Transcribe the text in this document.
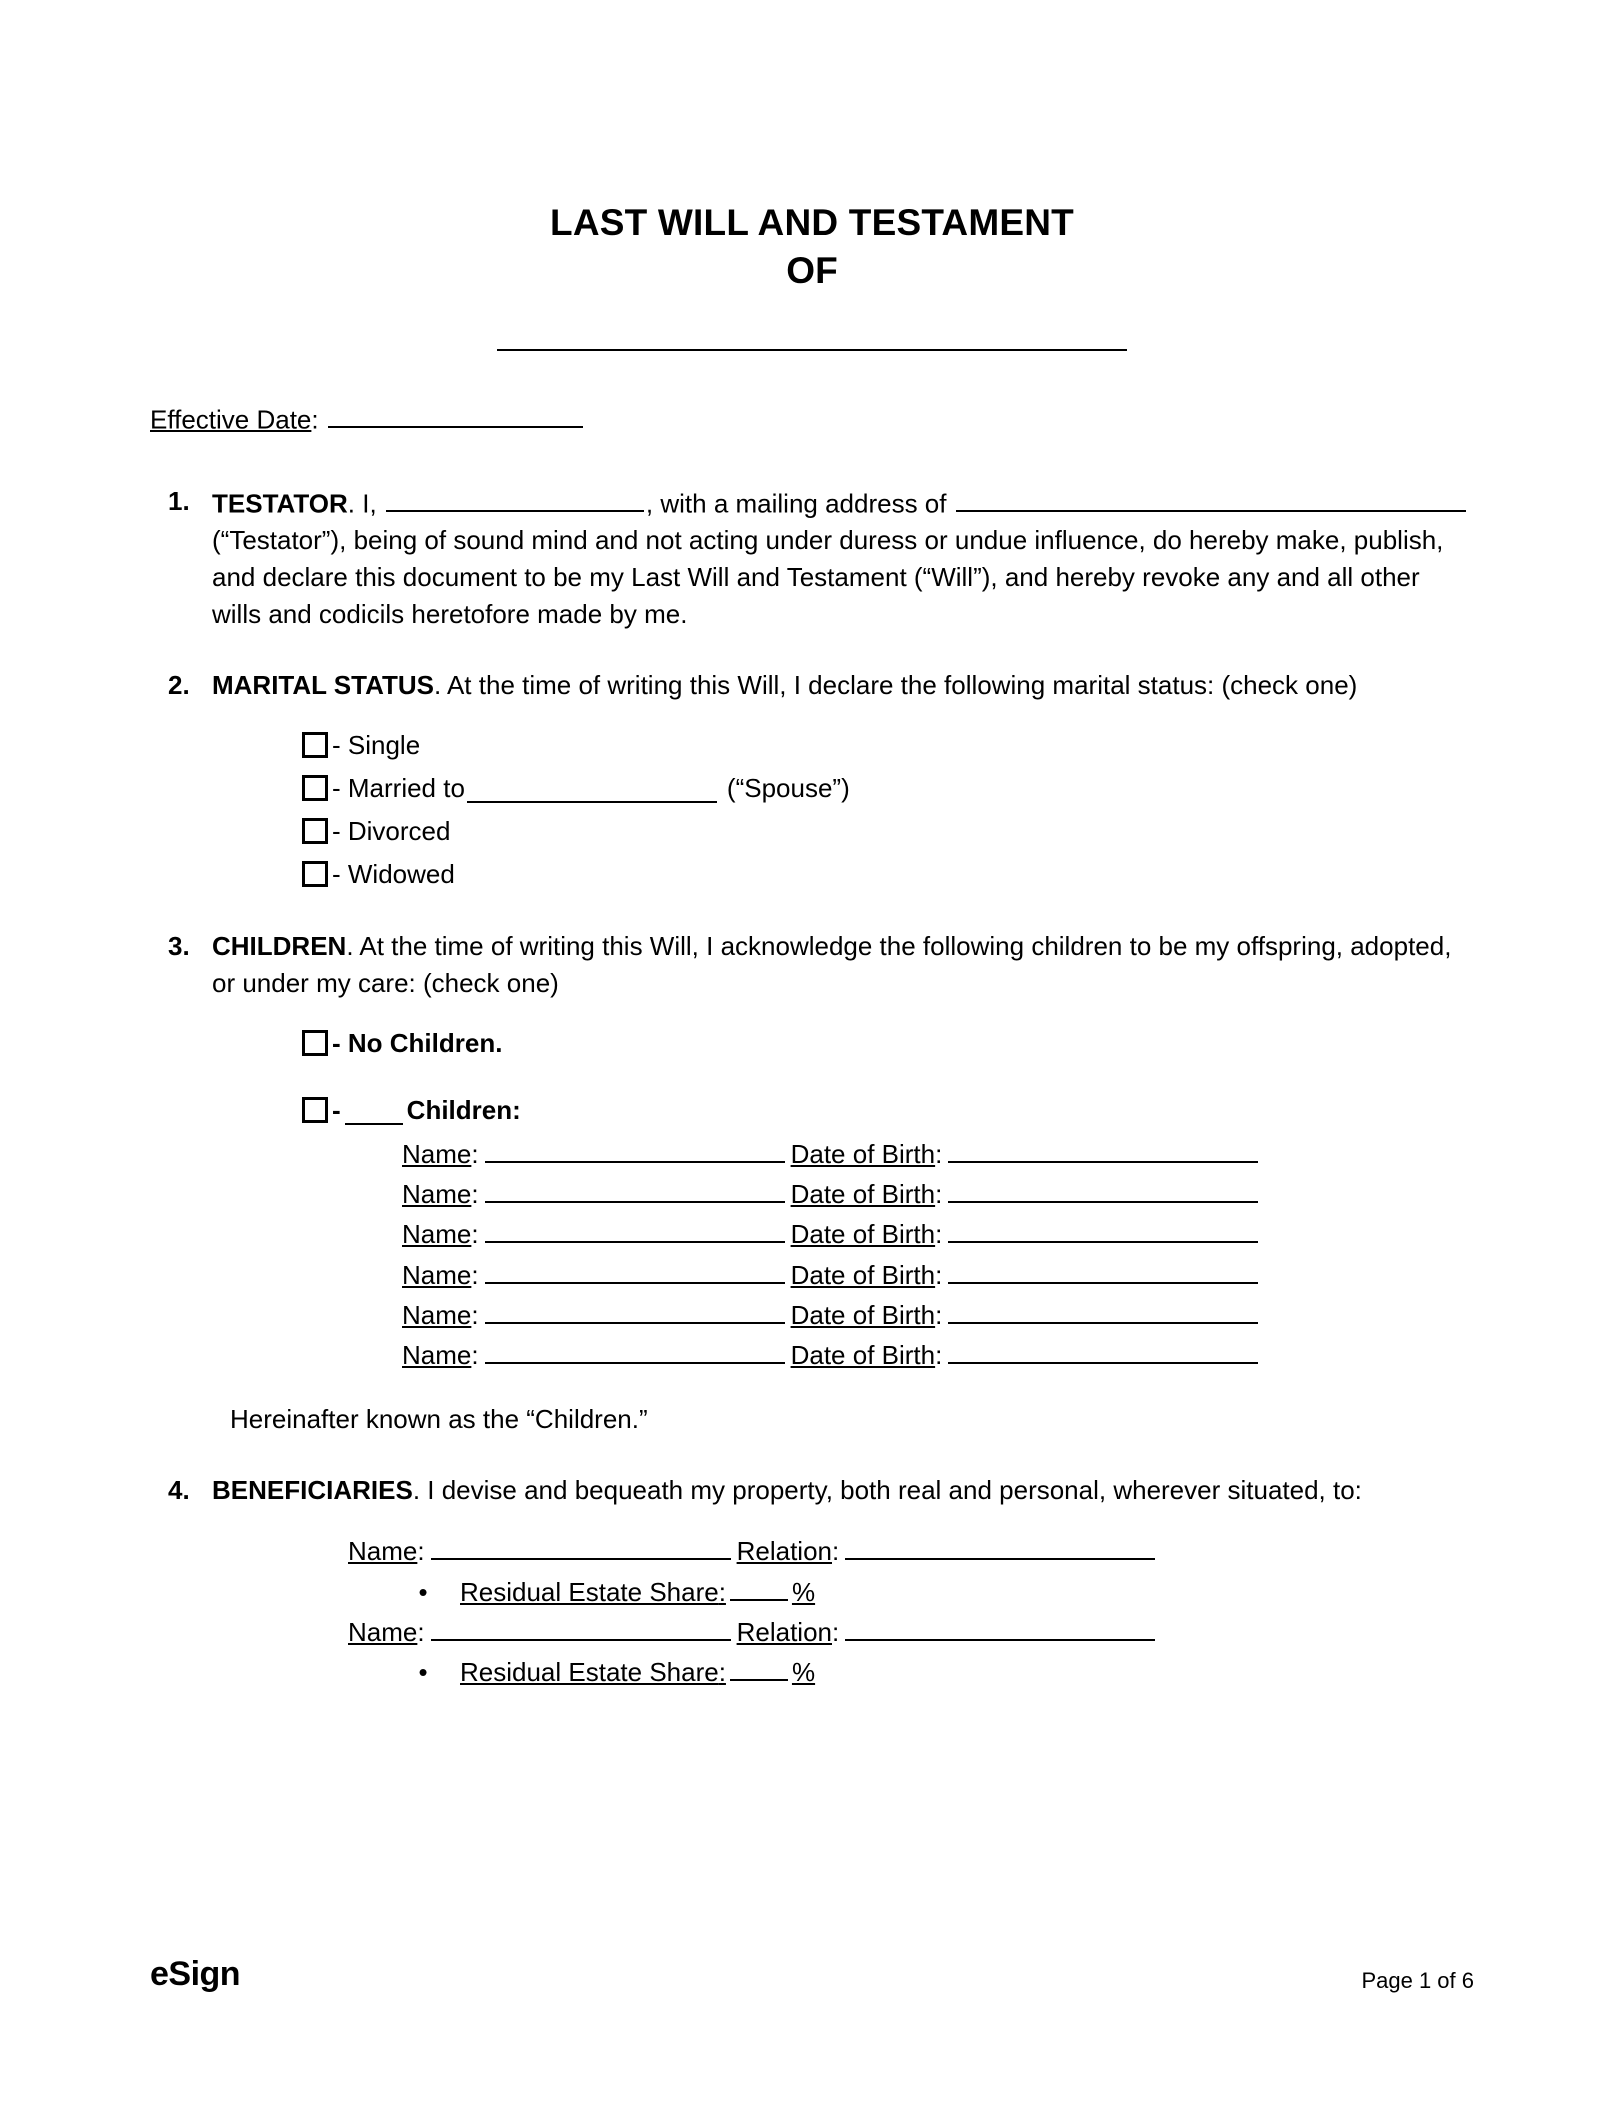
LAST WILL AND TESTAMENT
OF
Effective Date:
TESTATOR. I,	, with a mailing address of  (“Testator”), being of sound mind and not acting under duress or undue influence, do hereby make, publish, and declare this document to be my Last Will and Testament (“Will”), and hereby revoke any and all other wills and codicils heretofore made by me.
MARITAL STATUS. At the time of writing this Will, I declare the following marital status: (check one)
- Single
- Married to	(“Spouse”)
- Divorced
- Widowed
CHILDREN. At the time of writing this Will, I acknowledge the following children to be my offspring, adopted, or under my care: (check one)
- No Children.
-	Children:
Name :	Date of Birth :
Name :	Date of Birth :
Name :	Date of Birth :
Name :	Date of Birth :
Name :	Date of Birth :
Name :	Date of Birth :
Hereinafter known as the “Children.”
BENEFICIARIES. I devise and bequeath my property, both real and personal, wherever situated, to:
Name :	Relation :
• Residual Estate Share :	%
Name :	Relation :
• Residual Estate Share :	%
eSign	Page 1 of 6
